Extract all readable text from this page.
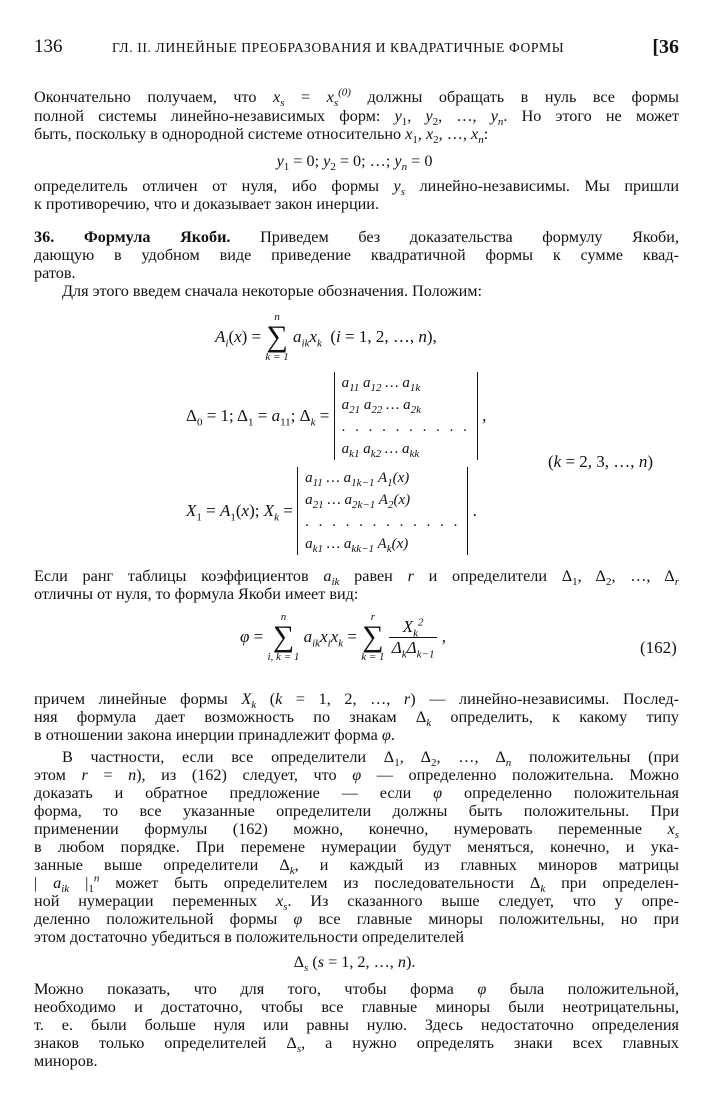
136	ГЛ. II. ЛИНЕЙНЫЕ ПРЕОБРАЗОВАНИЯ И КВАДРАТИЧНЫЕ ФОРМЫ	[36
Окончательно получаем, что $x_s = x_s^{(0)}$ должны обращать в нуль все формы
полной системы линейно-независимых форм: $y_1$, $y_2$, …, $y_n$. Но этого не может
быть, поскольку в однородной системе относительно $x_1$, $x_2$, …, $x_n$:
$y_1 = 0$; $y_2 = 0$; …; $y_n = 0$
определитель отличен от нуля, ибо формы $y_s$ линейно-независимы. Мы пришли
к противоречию, что и доказывает закон инерции.
36. Формула Якоби. Приведем без доказательства формулу Якоби,
дающую в удобном виде приведение квадратичной формы к сумме квад-
ратов.
Для этого введем сначала некоторые обозначения. Положим:
$A_i(x)$ =
n
∑
k = 1
$a_{ik}x_k$  (i = 1, 2, …, n),
$\Delta_0 = 1$; $\Delta_1 = a_{11}$; $\Delta_k$ =
$a_{11}$ $a_{12}$ … $a_{1k}$
$a_{21}$ $a_{22}$ … $a_{2k}$
. . . . . . . . . .
$a_{k1}$ $a_{k2}$ … $a_{kk}$
,
(k = 2, 3, …, n)
$X_1 = A_1(x)$; $X_k$ =
$a_{11}$ … $a_{1k-1}$ $A_1(x)$
$a_{21}$ … $a_{2k-1}$ $A_2(x)$
. . . . . . . . . . . .
$a_{k1}$ … $a_{kk-1}$ $A_k(x)$
.
Если ранг таблицы коэффициентов $a_{ik}$ равен r и определители $\Delta_1$, $\Delta_2$, …, $\Delta_r$
отличны от нуля, то формула Якоби имеет вид:
φ =
n
∑
i, k = 1
$a_{ik}x_ix_k$ =
r
∑
k = 1
$\frac{X_k^2}{\Delta_k\Delta_{k-1}}$ ,
(162)
причем линейные формы $X_k$ (k = 1, 2, …, r) — линейно-независимы. Послед-
няя формула дает возможность по знакам $\Delta_k$ определить, к какому типу
в отношении закона инерции принадлежит форма φ.
В частности, если все определители $\Delta_1$, $\Delta_2$, …, $\Delta_n$ положительны (при
этом r = n), из (162) следует, что φ — определенно положительна. Можно
доказать и обратное предложение — если φ определенно положительная
форма, то все указанные определители должны быть положительны. При
применении формулы (162) можно, конечно, нумеровать переменные $x_s$
в любом порядке. При перемене нумерации будут меняться, конечно, и ука-
занные выше определители $\Delta_k$, и каждый из главных миноров матрицы
| $a_{ik}$ $|_1^n$ может быть определителем из последовательности $\Delta_k$ при определен-
ной нумерации переменных $x_s$. Из сказанного выше следует, что у опре-
деленно положительной формы φ все главные миноры положительны, но при
этом достаточно убедиться в положительности определителей
$\Delta_s$ (s = 1, 2, …, n).
Можно показать, что для того, чтобы форма φ была положительной,
необходимо и достаточно, чтобы все главные миноры были неотрицательны,
т. е. были больше нуля или равны нулю. Здесь недостаточно определения
знаков только определителей $\Delta_s$, а нужно определять знаки всех главных
миноров.
